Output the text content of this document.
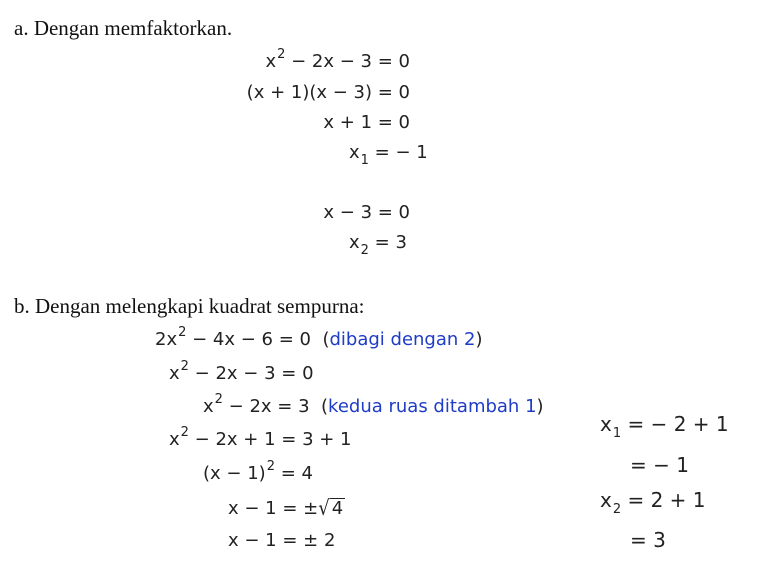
a. Dengan memfaktorkan.
$x^2 - 2x - 3 = 0$
(x + 1)(x − 3) = 0
x + 1 = 0
$x_1$ = − 1
x − 3 = 0
$x_2 = 3$
b. Dengan melengkapi kuadrat sempurna:
$2x^2 - 4x - 6 = 0$ (dibagi dengan 2)
$x^2 - 2x - 3 = 0$
$x^2 - 2x = 3$ (kedua ruas ditambah 1)
$x^2 - 2x + 1 = 3 + 1$
$(x - 1)^2 = 4$
x − 1 = ±√ 4
x − 1 = ± 2
$x_1$ = − 2 + 1
= − 1
$x_2 = 2 + 1$
= 3
